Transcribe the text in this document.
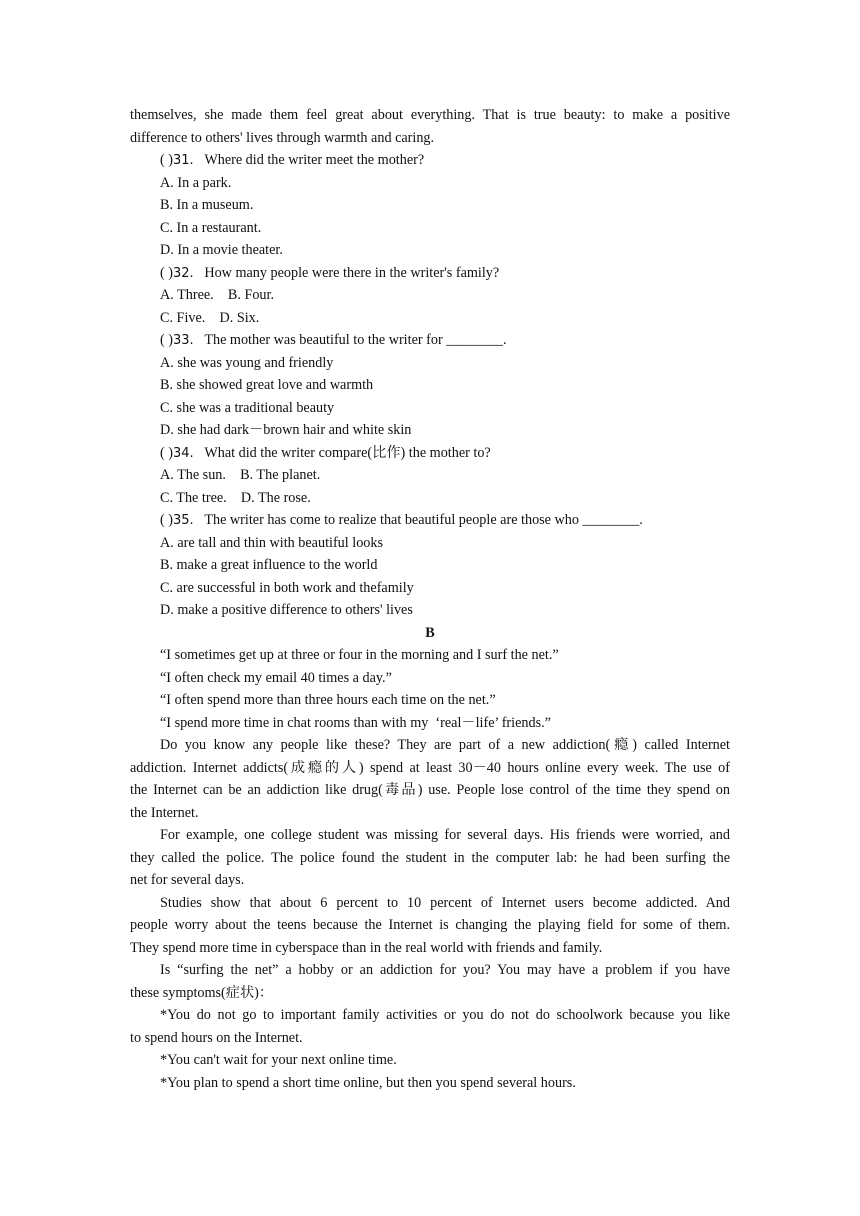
themselves, she made them feel great about everything. That is true beauty: to make a positive
difference to others' lives through warmth and caring.
( )31. Where did the writer meet the mother?
A. In a park.
B. In a museum.
C. In a restaurant.
D. In a movie theater.
( )32. How many people were there in the writer's family?
A. Three.    B. Four.
C. Five.    D. Six.
( )33. The mother was beautiful to the writer for ________.
A. she was young and friendly
B. she showed great love and warmth
C. she was a traditional beauty
D. she had dark－brown hair and white skin
( )34. What did the writer compare(比作) the mother to?
A. The sun.    B. The planet.
C. The tree.    D. The rose.
( )35. The writer has come to realize that beautiful people are those who ________.
A. are tall and thin with beautiful looks
B. make a great influence to the world
C. are successful in both work and thefamily
D. make a positive difference to others' lives
B
“I sometimes get up at three or four in the morning and I surf the net.”
“I often check my email 40 times a day.”
“I often spend more than three hours each time on the net.”
“I spend more time in chat rooms than with my  ‘real－life’ friends.”
Do you know any people like these? They are part of a new addiction(瘾) called Internet
addiction. Internet addicts(成瘾的人) spend at least 30－40 hours online every week. The use of
the Internet can be an addiction like drug(毒品) use. People lose control of the time they spend on
the Internet.
For example, one college student was missing for several days. His friends were worried, and
they called the police. The police found the student in the computer lab: he had been surfing the
net for several days.
Studies show that about 6 percent to 10 percent of Internet users become addicted. And
people worry about the teens because the Internet is changing the playing field for some of them.
They spend more time in cyberspace than in the real world with friends and family.
Is “surfing the net” a hobby or an addiction for you? You may have a problem if you have
these symptoms(症状)：
*You do not go to important family activities or you do not do schoolwork because you like
to spend hours on the Internet.
*You can't wait for your next online time.
*You plan to spend a short time online, but then you spend several hours.
